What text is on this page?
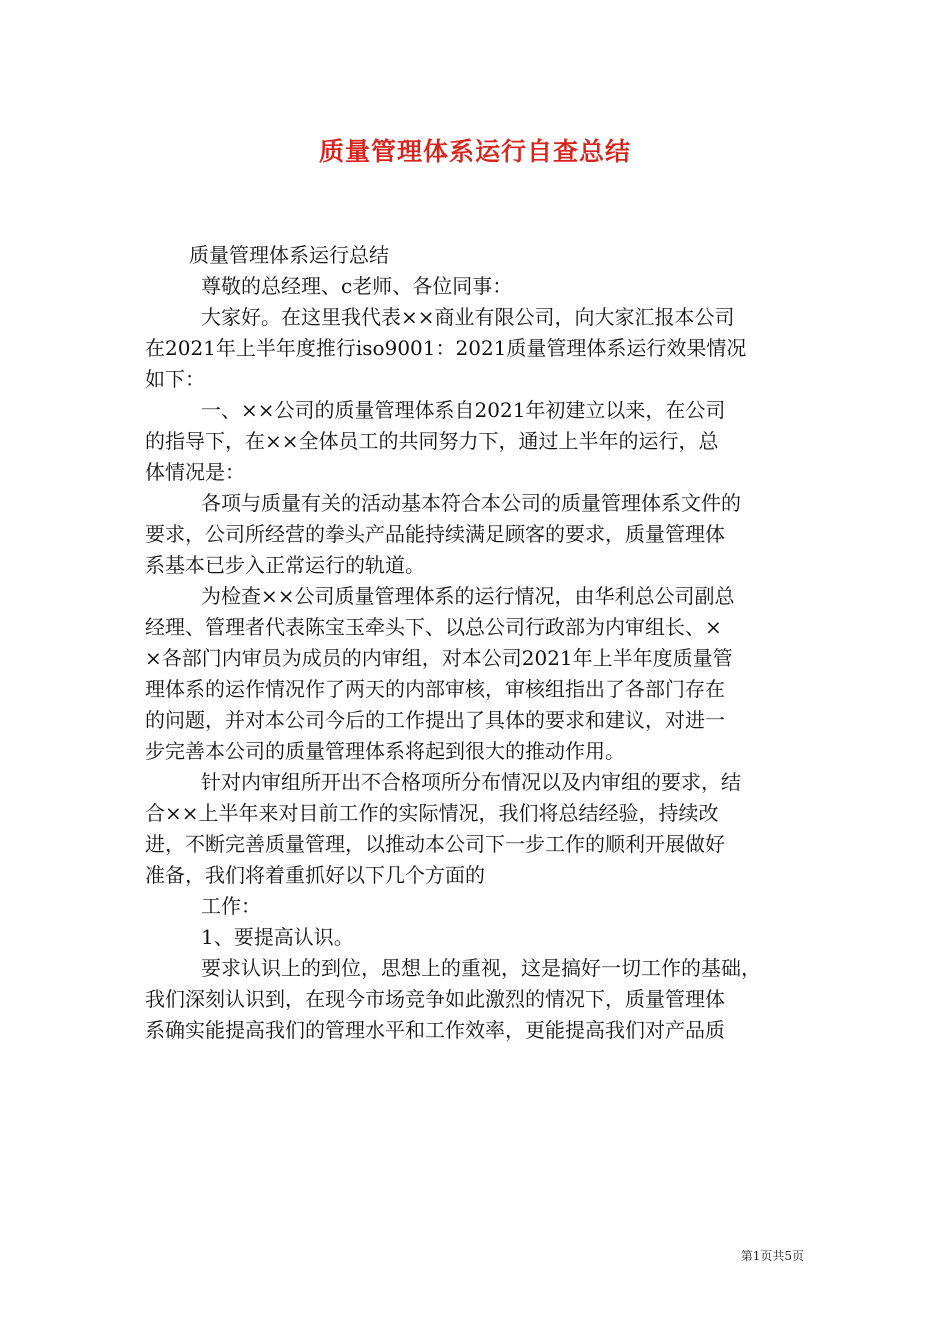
质量管理体系运行自查总结
质量管理体系运行总结
尊敬的总经理、c老师、各位同事：
大家好。在这里我代表××商业有限公司，向大家汇报本公司
在2021年上半年度推行iso9001：2021质量管理体系运行效果情况
如下：
一、××公司的质量管理体系自2021年初建立以来，在公司
的指导下，在××全体员工的共同努力下，通过上半年的运行，总
体情况是：
各项与质量有关的活动基本符合本公司的质量管理体系文件的
要求，公司所经营的拳头产品能持续满足顾客的要求，质量管理体
系基本已步入正常运行的轨道。
为检查××公司质量管理体系的运行情况，由华利总公司副总
经理、管理者代表陈宝玉牵头下、以总公司行政部为内审组长、×
×各部门内审员为成员的内审组，对本公司2021年上半年度质量管
理体系的运作情况作了两天的内部审核，审核组指出了各部门存在
的问题，并对本公司今后的工作提出了具体的要求和建议，对进一
步完善本公司的质量管理体系将起到很大的推动作用。
针对内审组所开出不合格项所分布情况以及内审组的要求，结
合××上半年来对目前工作的实际情况，我们将总结经验，持续改
进，不断完善质量管理，以推动本公司下一步工作的顺利开展做好
准备，我们将着重抓好以下几个方面的
工作：
1、要提高认识。
要求认识上的到位，思想上的重视，这是搞好一切工作的基础，
我们深刻认识到，在现今市场竞争如此激烈的情况下，质量管理体
系确实能提高我们的管理水平和工作效率，更能提高我们对产品质
第1页共5页
